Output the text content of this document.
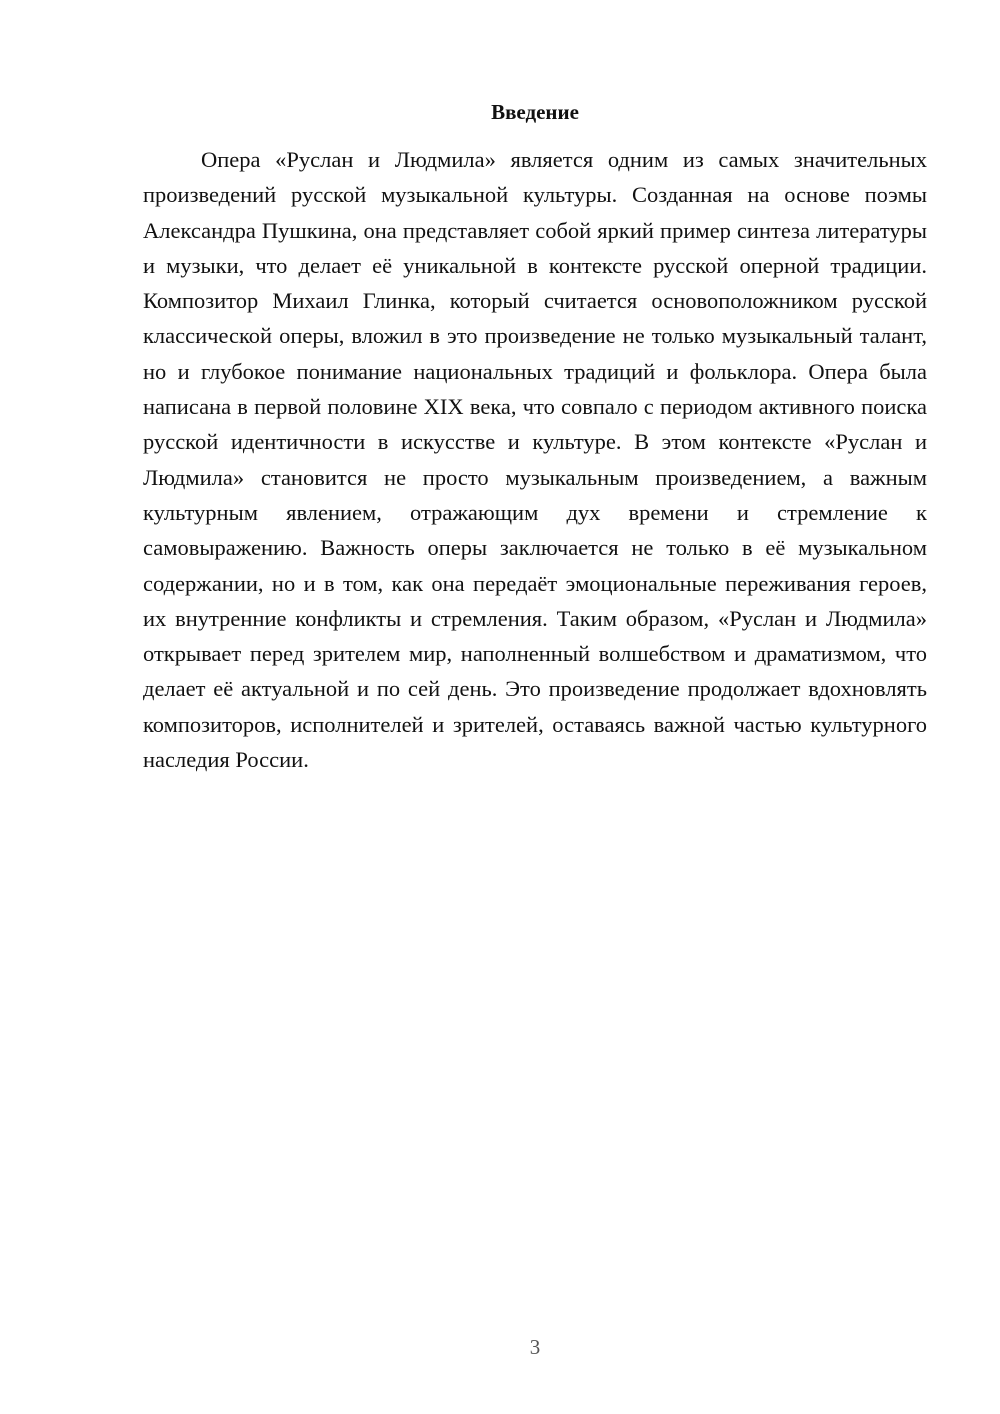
Введение

Опера «Руслан и Людмила» является одним из самых значительных произведений русской музыкальной культуры. Созданная на основе поэмы Александра Пушкина, она представляет собой яркий пример синтеза литературы и музыки, что делает её уникальной в контексте русской оперной традиции. Композитор Михаил Глинка, который считается основоположником русской классической оперы, вложил в это произведение не только музыкальный талант, но и глубокое понимание национальных традиций и фольклора. Опера была написана в первой половине XIX века, что совпало с периодом активного поиска русской идентичности в искусстве и культуре. В этом контексте «Руслан и Людмила» становится не просто музыкальным произведением, а важным культурным явлением, отражающим дух времени и стремление к самовыражению. Важность оперы заключается не только в её музыкальном содержании, но и в том, как она передаёт эмоциональные переживания героев, их внутренние конфликты и стремления. Таким образом, «Руслан и Людмила» открывает перед зрителем мир, наполненный волшебством и драматизмом, что делает её актуальной и по сей день. Это произведение продолжает вдохновлять композиторов, исполнителей и зрителей, оставаясь важной частью культурного наследия России.

3
